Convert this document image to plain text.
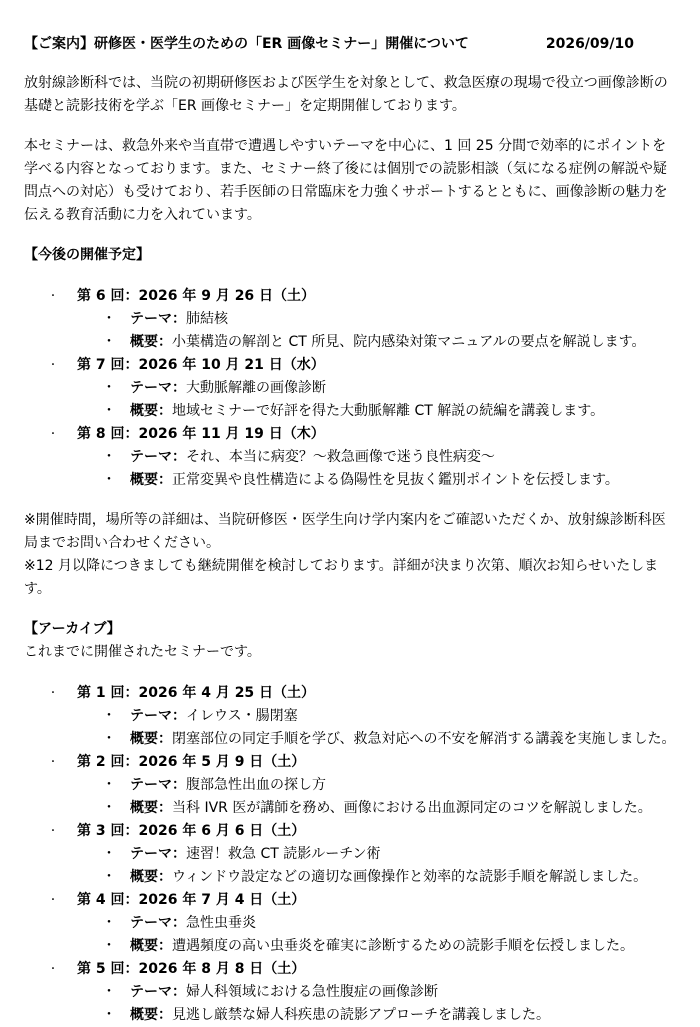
【ご案内】研修医・医学生のための「ER 画像セミナー」開催について	2026/09/10

放射線診断科では、当院の初期研修医および医学生を対象として、救急医療の現場で役立つ画像診断の基礎と読影技術を学ぶ「ER 画像セミナー」を定期開催しております。

本セミナーは、救急外来や当直帯で遭遇しやすいテーマを中心に、1 回 25 分間で効率的にポイントを学べる内容となっております。また、セミナー終了後には個別での読影相談（気になる症例の解説や疑問点への対応）も受けており、若手医師の日常臨床を力強くサポートするとともに、画像診断の魅力を伝える教育活動に力を入れています。

【今後の開催予定】
· 第 6 回：2026 年 9 月 26 日（土）
・ テーマ： 肺結核
・ 概要： 小葉構造の解剖と CT 所見、院内感染対策マニュアルの要点を解説します。
· 第 7 回：2026 年 10 月 21 日（水）
・ テーマ： 大動脈解離の画像診断
・ 概要： 地域セミナーで好評を得た大動脈解離 CT 解説の続編を講義します。
· 第 8 回：2026 年 11 月 19 日（木）
・ テーマ： それ、本当に病変？～救急画像で迷う良性病変～
・ 概要： 正常変異や良性構造による偽陽性を見抜く鑑別ポイントを伝授します。

※開催時間，場所等の詳細は、当院研修医・医学生向け学内案内をご確認いただくか、放射線診断科医局までお問い合わせください。

※12 月以降につきましても継続開催を検討しております。詳細が決まり次第、順次お知らせいたします。

【アーカイブ】

これまでに開催されたセミナーです。

· 第 1 回：2026 年 4 月 25 日（土）
・ テーマ： イレウス・腸閉塞
・ 概要： 閉塞部位の同定手順を学び、救急対応への不安を解消する講義を実施しました。
· 第 2 回：2026 年 5 月 9 日（土）
・ テーマ： 腹部急性出血の探し方
・ 概要： 当科 IVR 医が講師を務め、画像における出血源同定のコツを解説しました。
· 第 3 回：2026 年 6 月 6 日（土）
・ テーマ： 速習！救急 CT 読影ルーチン術
・ 概要： ウィンドウ設定などの適切な画像操作と効率的な読影手順を解説しました。
· 第 4 回：2026 年 7 月 4 日（土）
・ テーマ： 急性虫垂炎
・ 概要： 遭遇頻度の高い虫垂炎を確実に診断するための読影手順を伝授しました。
· 第 5 回：2026 年 8 月 8 日（土）
・ テーマ： 婦人科領域における急性腹症の画像診断
・ 概要： 見逃し厳禁な婦人科疾患の読影アプローチを講義しました。
